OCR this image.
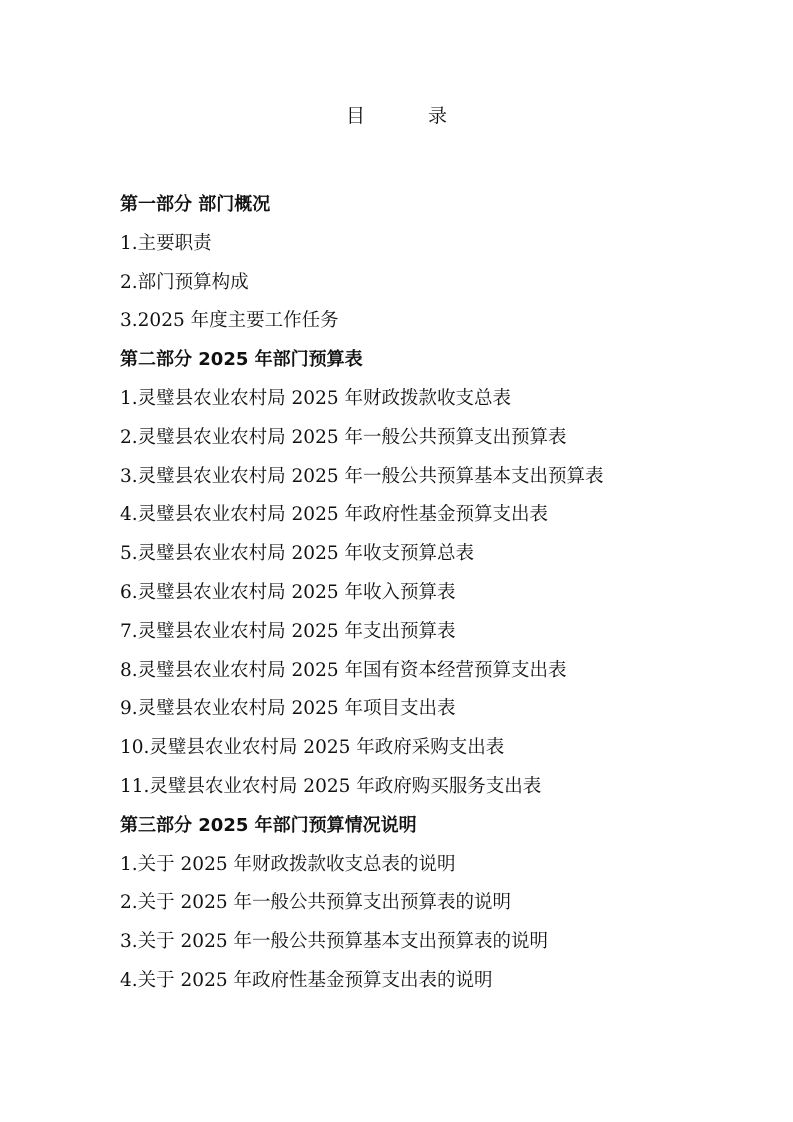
目　录
第一部分 部门概况
1.主要职责
2.部门预算构成
3.2025 年度主要工作任务
第二部分 2025 年部门预算表
1.灵璧县农业农村局 2025 年财政拨款收支总表
2.灵璧县农业农村局 2025 年一般公共预算支出预算表
3.灵璧县农业农村局 2025 年一般公共预算基本支出预算表
4.灵璧县农业农村局 2025 年政府性基金预算支出表
5.灵璧县农业农村局 2025 年收支预算总表
6.灵璧县农业农村局 2025 年收入预算表
7.灵璧县农业农村局 2025 年支出预算表
8.灵璧县农业农村局 2025 年国有资本经营预算支出表
9.灵璧县农业农村局 2025 年项目支出表
10.灵璧县农业农村局 2025 年政府采购支出表
11.灵璧县农业农村局 2025 年政府购买服务支出表
第三部分 2025 年部门预算情况说明
1.关于 2025 年财政拨款收支总表的说明
2.关于 2025 年一般公共预算支出预算表的说明
3.关于 2025 年一般公共预算基本支出预算表的说明
4.关于 2025 年政府性基金预算支出表的说明
